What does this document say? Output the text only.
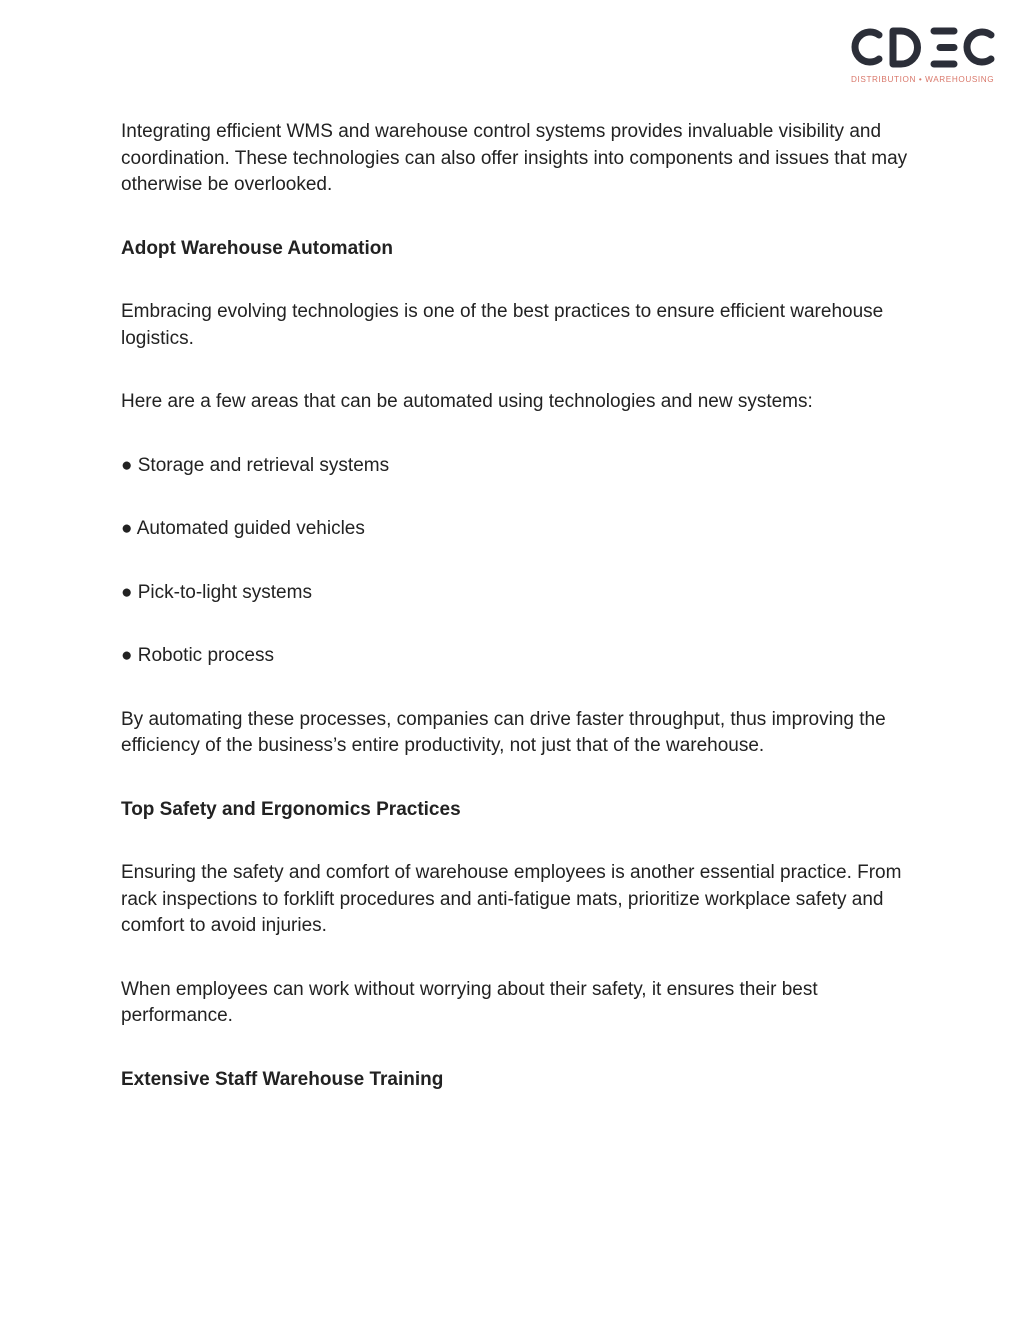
DISTRIBUTION • WAREHOUSING

Integrating efficient WMS and warehouse control systems provides invaluable visibility and coordination. These technologies can also offer insights into components and issues that may otherwise be overlooked.

Adopt Warehouse Automation

Embracing evolving technologies is one of the best practices to ensure efficient warehouse logistics.

Here are a few areas that can be automated using technologies and new systems:

● Storage and retrieval systems

● Automated guided vehicles

● Pick-to-light systems

● Robotic process

By automating these processes, companies can drive faster throughput, thus improving the efficiency of the business’s entire productivity, not just that of the warehouse.

Top Safety and Ergonomics Practices

Ensuring the safety and comfort of warehouse employees is another essential practice. From rack inspections to forklift procedures and anti-fatigue mats, prioritize workplace safety and comfort to avoid injuries.

When employees can work without worrying about their safety, it ensures their best performance.

Extensive Staff Warehouse Training
